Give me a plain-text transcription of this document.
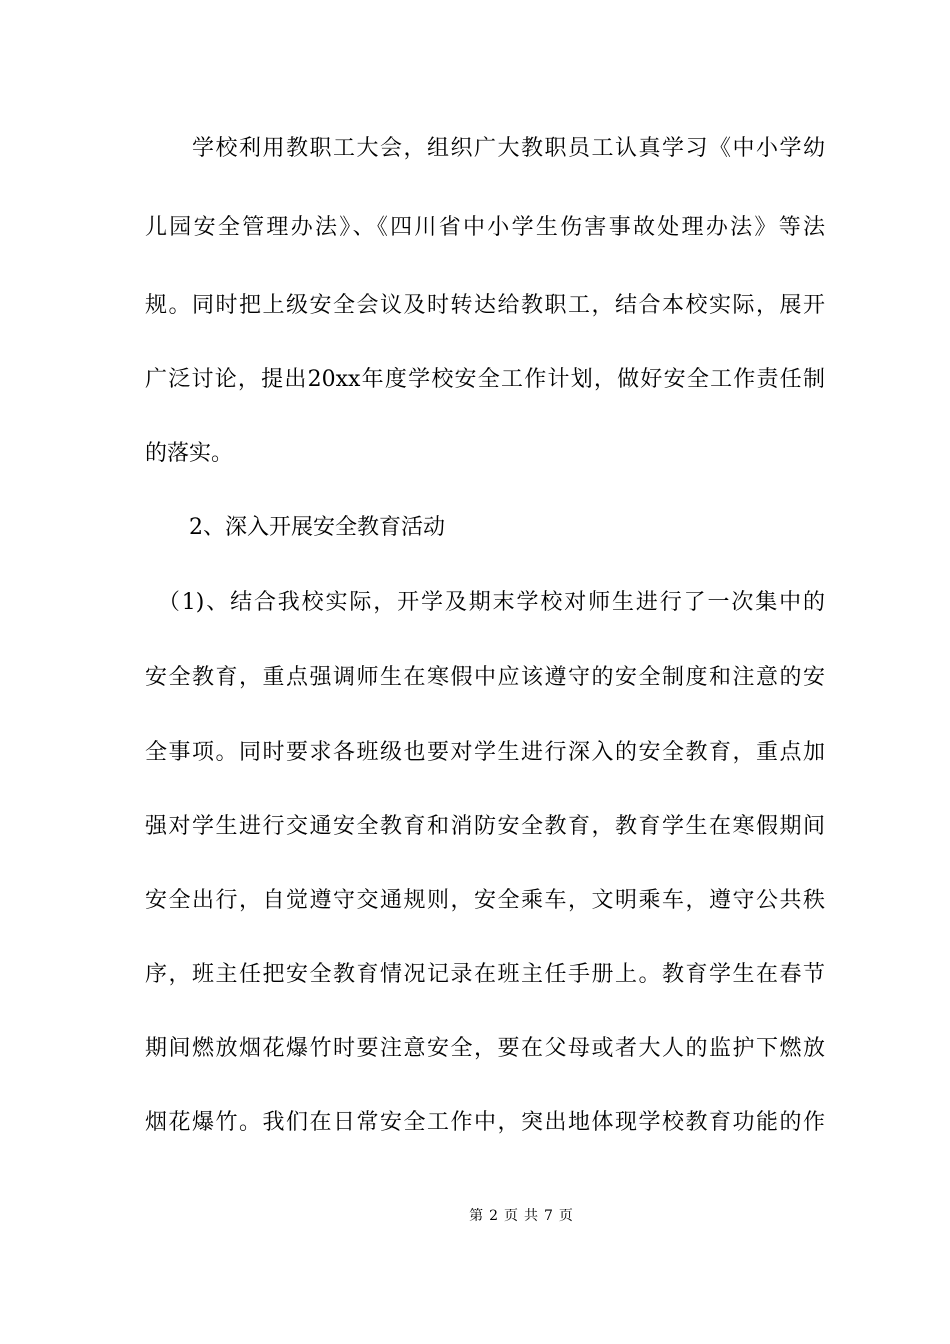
　　学校利用教职工大会，组织广大教职员工认真学习《中小学幼
儿园安全管理办法》、《四川省中小学生伤害事故处理办法》等法
规。同时把上级安全会议及时转达给教职工，结合本校实际，展开
广泛讨论，提出20xx年度学校安全工作计划，做好安全工作责任制
的落实。
　　2、深入开展安全教育活动
　（1)、结合我校实际，开学及期末学校对师生进行了一次集中的
安全教育，重点强调师生在寒假中应该遵守的安全制度和注意的安
全事项。同时要求各班级也要对学生进行深入的安全教育，重点加
强对学生进行交通安全教育和消防安全教育，教育学生在寒假期间
安全出行，自觉遵守交通规则，安全乘车，文明乘车，遵守公共秩
序，班主任把安全教育情况记录在班主任手册上。教育学生在春节
期间燃放烟花爆竹时要注意安全，要在父母或者大人的监护下燃放
烟花爆竹。我们在日常安全工作中，突出地体现学校教育功能的作
第 2 页 共 7 页
